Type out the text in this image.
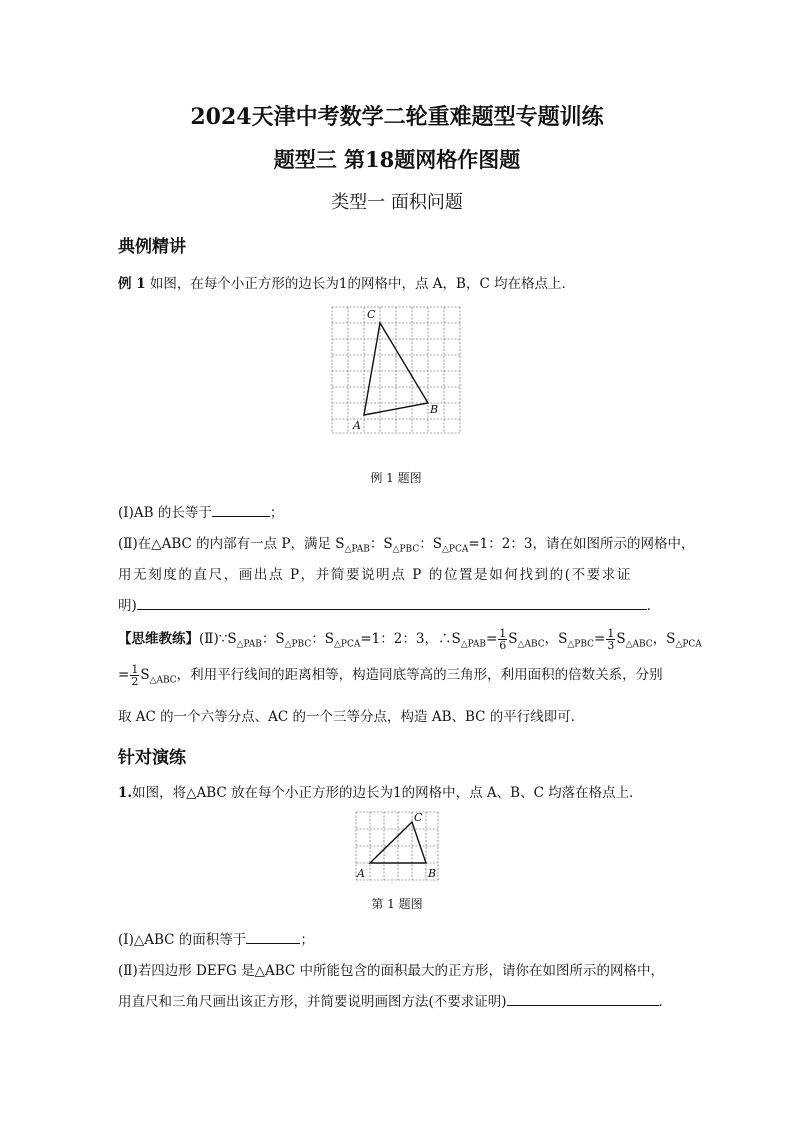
2024天津中考数学二轮重难题型专题训练
题型三 第18题网格作图题
类型一 面积问题
典例精讲
例 1 如图，在每个小正方形的边长为1的网格中，点 A，B，C 均在格点上．
A
B
C
例 1 题图
(Ⅰ)AB 的长等于	；
(Ⅱ)在△ABC 的内部有一点 P，满足 $S_{\triangle PAB}$：$S_{\triangle PBC}$：$S_{\triangle PCA}=1$：2：3，请在如图所示的网格中，
用无刻度的直尺，画出点 P，并简要说明点 P 的位置是如何找到的(不要求证
明)	．
【思维教练】$(Ⅱ)\because S_{\triangle PAB}$：$S_{\triangle PBC}$：$S_{\triangle PCA}=1$：2：3，$\therefore S_{\triangle PAB}= \frac{1}{6} S_{\triangle ABC}$，$S_{\triangle PBC}= \frac{1}{3} S_{\triangle ABC}$，$S_{\triangle PCA}$
= $\frac{1}{2} S_{\triangle ABC}$，利用平行线间的距离相等，构造同底等高的三角形，利用面积的倍数关系，分别
取 AC 的一个六等分点、AC 的一个三等分点，构造 AB、BC 的平行线即可．
针对演练
1.如图，将△ABC 放在每个小正方形的边长为1的网格中，点 A、B、C 均落在格点上．
A	B
C
第 1 题图
(Ⅰ)△ABC 的面积等于	；
(Ⅱ)若四边形 DEFG 是△ABC 中所能包含的面积最大的正方形，请你在如图所示的网格中，
用直尺和三角尺画出该正方形，并简要说明画图方法(不要求证明)	．
